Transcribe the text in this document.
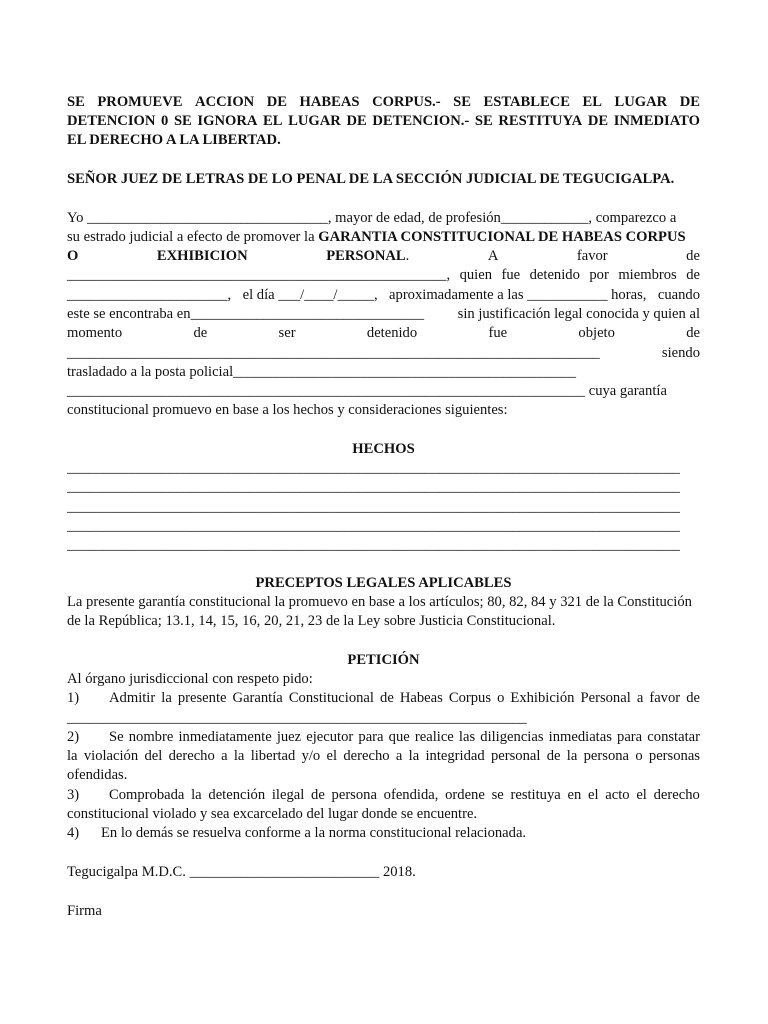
SE PROMUEVE ACCION DE HABEAS CORPUS.- SE ESTABLECE EL LUGAR DE
DETENCION 0 SE IGNORA EL LUGAR DE DETENCION.- SE RESTITUYA DE INMEDIATO
EL DERECHO A LA LIBERTAD.
SEÑOR JUEZ DE LETRAS DE LO PENAL DE LA SECCIÓN JUDICIAL DE TEGUCIGALPA.
Yo _________________________________, mayor de edad, de profesión____________, comparezco a
su estrado judicial a efecto de promover la GARANTIA CONSTITUCIONAL DE HABEAS CORPUS
O	EXHIBICION	PERSONAL.	A	favor	de
____________________________________________________, quien fue detenido por miembros de
______________________, el día ___/____/_____, aproximadamente a las ___________ horas, cuando
este se encontraba en________________________________ sin justificación legal conocida y quien al
momento	de	ser	detenido	fue	objeto	de
_________________________________________________________________________	siendo
trasladado a la posta policial_______________________________________________
_______________________________________________________________________ cuya garantía
constitucional promuevo en base a los hechos y consideraciones siguientes:
HECHOS
____________________________________________________________________________________
____________________________________________________________________________________
____________________________________________________________________________________
____________________________________________________________________________________
____________________________________________________________________________________
PRECEPTOS LEGALES APLICABLES
La presente garantía constitucional la promuevo en base a los artículos; 80, 82, 84 y 321 de la Constitución
de la República; 13.1, 14, 15, 16, 20, 21, 23 de la Ley sobre Justicia Constitucional.
PETICIÓN
Al órgano jurisdiccional con respeto pido:
1)	Admitir la presente Garantía Constitucional de Habeas Corpus o Exhibición Personal a favor de
_______________________________________________________________
2)	Se nombre inmediatamente juez ejecutor para que realice las diligencias inmediatas para constatar
la violación del derecho a la libertad y/o el derecho a la integridad personal de la persona o personas
ofendidas.
3)	Comprobada la detención ilegal de persona ofendida, ordene se restituya en el acto el derecho
constitucional violado y sea excarcelado del lugar donde se encuentre.
4)	En lo demás se resuelva conforme a la norma constitucional relacionada.
Tegucigalpa M.D.C. __________________________ 2018.
Firma
